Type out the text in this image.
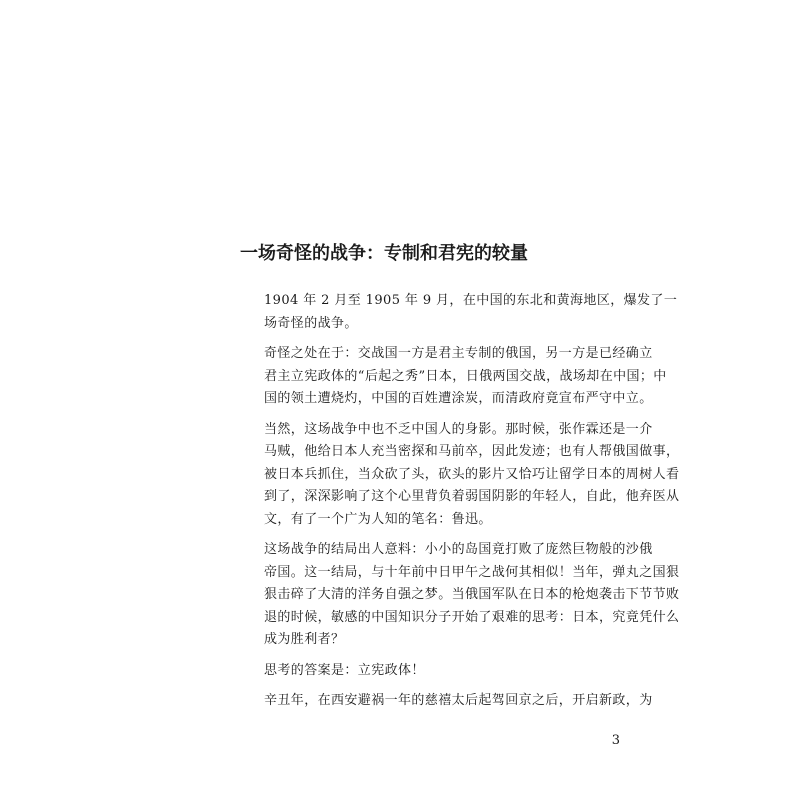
一场奇怪的战争：专制和君宪的较量

1904 年 2 月至 1905 年 9 月，在中国的东北和黄海地区，爆发了一
场奇怪的战争。

奇怪之处在于：交战国一方是君主专制的俄国，另一方是已经确立
君主立宪政体的“后起之秀”日本，日俄两国交战，战场却在中国；中
国的领土遭烧灼，中国的百姓遭涂炭，而清政府竟宣布严守中立。

当然，这场战争中也不乏中国人的身影。那时候，张作霖还是一介
马贼，他给日本人充当密探和马前卒，因此发迹；也有人帮俄国做事，
被日本兵抓住，当众砍了头，砍头的影片又恰巧让留学日本的周树人看
到了，深深影响了这个心里背负着弱国阴影的年轻人，自此，他弃医从
文，有了一个广为人知的笔名：鲁迅。

这场战争的结局出人意料：小小的岛国竟打败了庞然巨物般的沙俄
帝国。这一结局，与十年前中日甲午之战何其相似！当年，弹丸之国狠
狠击碎了大清的洋务自强之梦。当俄国军队在日本的枪炮袭击下节节败
退的时候，敏感的中国知识分子开始了艰难的思考：日本，究竟凭什么
成为胜利者？

思考的答案是：立宪政体！

辛丑年，在西安避祸一年的慈禧太后起驾回京之后，开启新政，为

3
